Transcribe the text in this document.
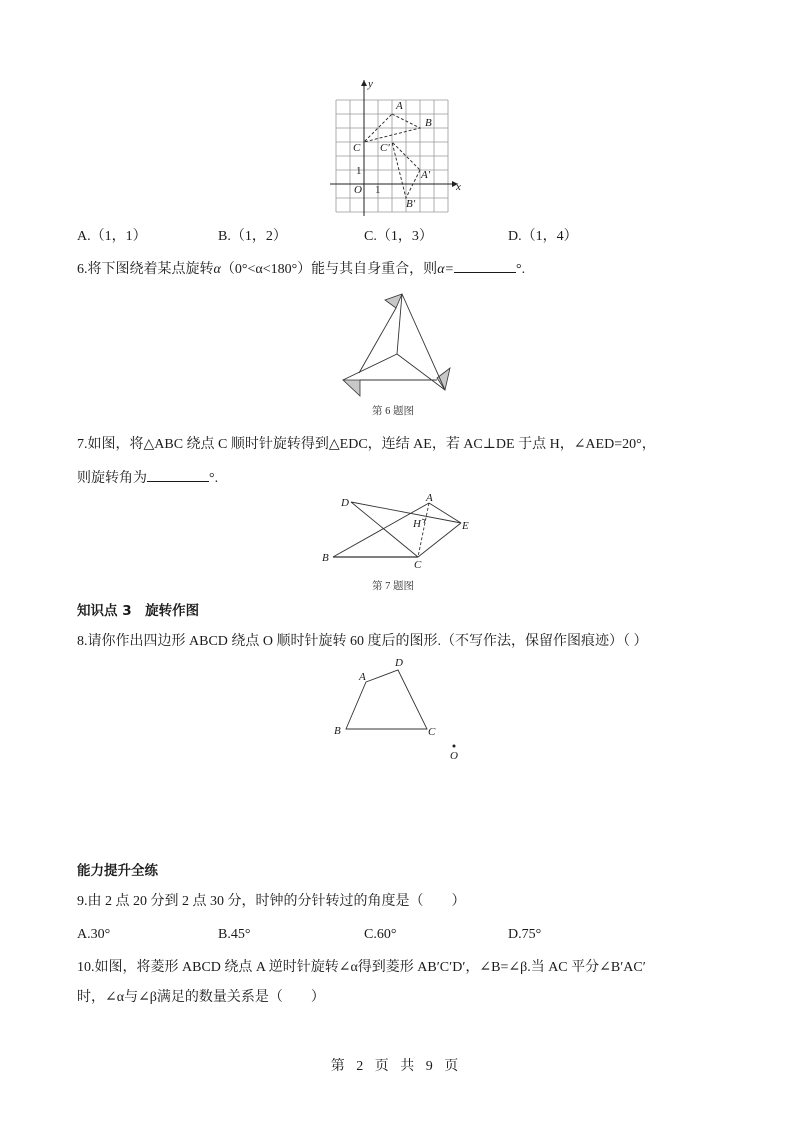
x
y
O 1
1
A
B
C
A′
B′
C′
A.（1，1）	B.（1，2）	C.（1，3）	D.（1，4）
6.将下图绕着某点旋转α（0°<α<180°）能与其自身重合，则α=	°.
第 6 题图
7.如图，将△ABC 绕点 C 顺时针旋转得到△EDC，连结 AE，若 AC⊥DE 于点 H，∠AED=20°，
则旋转角为	°.
D	A
H	E
B
C
第 7 题图
知识点 3　旋转作图
8.请你作出四边形 ABCD 绕点 O 顺时针旋转 60 度后的图形.（不写作法，保留作图痕迹）（ ）
A
D
B	C
O
能力提升全练
9.由 2 点 20 分到 2 点 30 分，时钟的分针转过的角度是（　　）
A.30°	B.45°	C.60°	D.75°
10.如图，将菱形 ABCD 绕点 A 逆时针旋转∠α得到菱形 AB′C′D′，∠B=∠β.当 AC 平分∠B′AC′
时，∠α与∠β满足的数量关系是（　　）
第 2 页 共 9 页
